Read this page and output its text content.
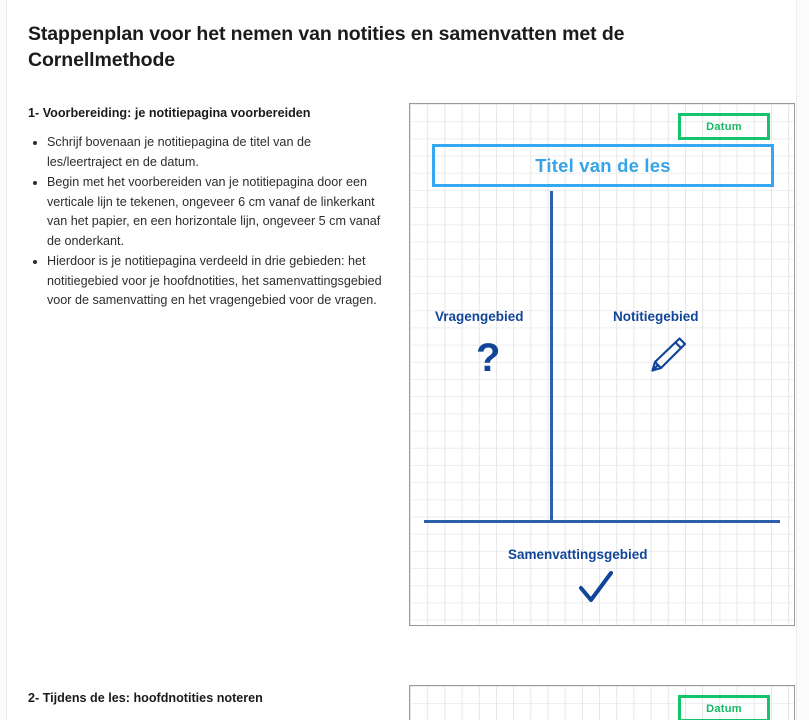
Stappenplan voor het nemen van notities en samenvatten met de Cornellmethode
1- Voorbereiding: je notitiepagina voorbereiden
Schrijf bovenaan je notitiepagina de titel van de les/leertraject en de datum.
Begin met het voorbereiden van je notitiepagina door een verticale lijn te tekenen, ongeveer 6 cm vanaf de linkerkant van het papier, en een horizontale lijn, ongeveer 5 cm vanaf de onderkant.
Hierdoor is je notitiepagina verdeeld in drie gebieden: het notitiegebied voor je hoofdnotities, het samenvattingsgebied voor de samenvatting en het vragengebied voor de vragen.
2- Tijdens de les: hoofdnotities noteren
Datum
Titel van de les
Vragengebied	Notitiegebied
Samenvattingsgebied
?
Datum
